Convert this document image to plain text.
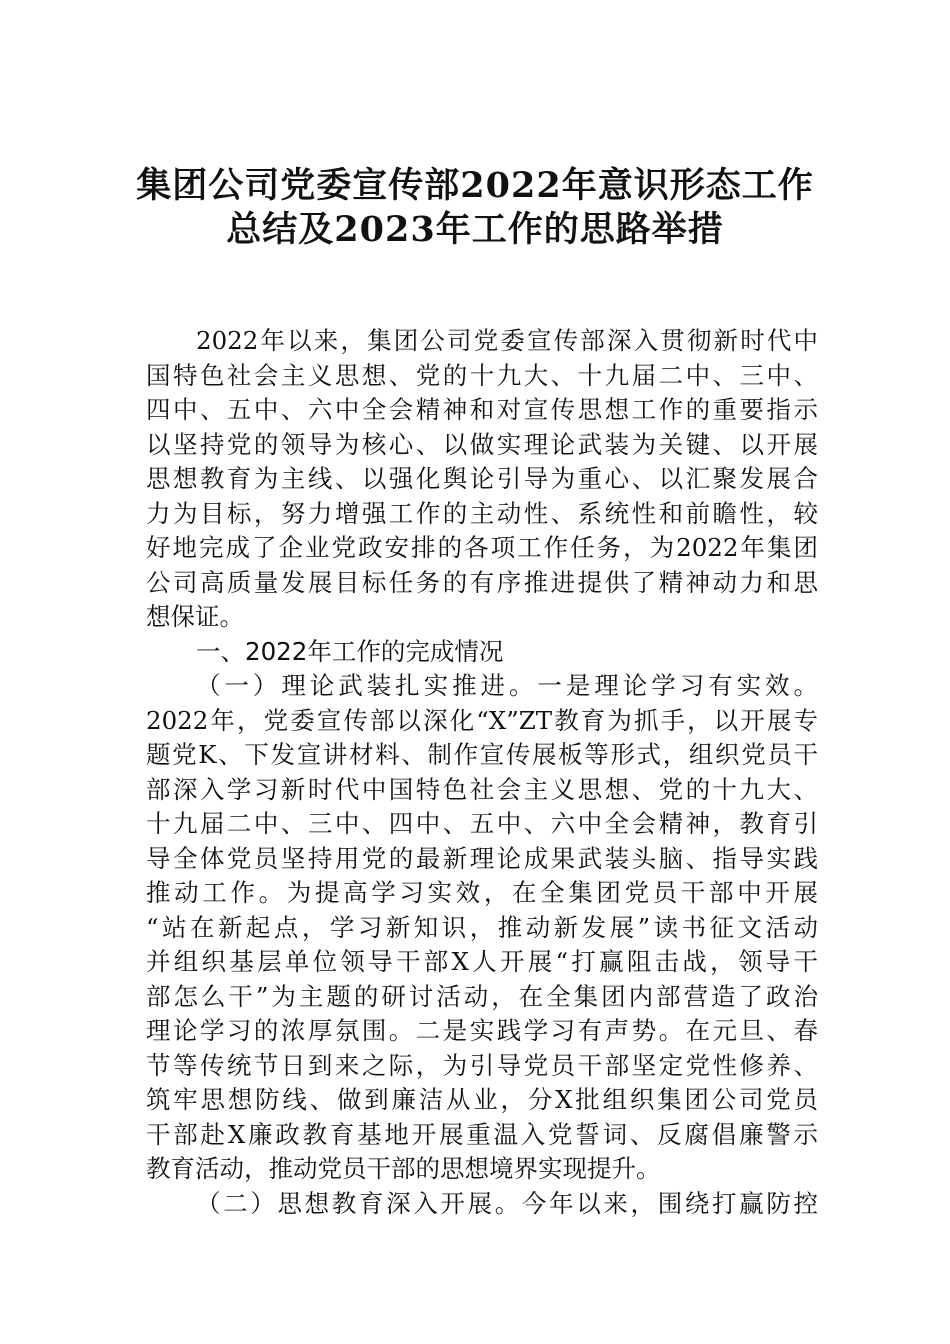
集团公司党委宣传部2022年意识形态工作
总结及2023年工作的思路举措
2022年以来，集团公司党委宣传部深入贯彻新时代中
国特色社会主义思想、党的十九大、十九届二中、三中、
四中、五中、六中全会精神和对宣传思想工作的重要指示
以坚持党的领导为核心、以做实理论武装为关键、以开展
思想教育为主线、以强化舆论引导为重心、以汇聚发展合
力为目标，努力增强工作的主动性、系统性和前瞻性，较
好地完成了企业党政安排的各项工作任务，为2022年集团
公司高质量发展目标任务的有序推进提供了精神动力和思
想保证。
一、2022年工作的完成情况
（一）理论武装扎实推进。一是理论学习有实效。
2022年，党委宣传部以深化“X”ZT教育为抓手，以开展专
题党K、下发宣讲材料、制作宣传展板等形式，组织党员干
部深入学习新时代中国特色社会主义思想、党的十九大、
十九届二中、三中、四中、五中、六中全会精神，教育引
导全体党员坚持用党的最新理论成果武装头脑、指导实践
推动工作。为提高学习实效，在全集团党员干部中开展
“站在新起点，学习新知识，推动新发展”读书征文活动
并组织基层单位领导干部X人开展“打赢阻击战，领导干
部怎么干”为主题的研讨活动，在全集团内部营造了政治
理论学习的浓厚氛围。二是实践学习有声势。在元旦、春
节等传统节日到来之际，为引导党员干部坚定党性修养、
筑牢思想防线、做到廉洁从业，分X批组织集团公司党员
干部赴X廉政教育基地开展重温入党誓词、反腐倡廉警示
教育活动，推动党员干部的思想境界实现提升。
（二）思想教育深入开展。今年以来，围绕打赢防控
